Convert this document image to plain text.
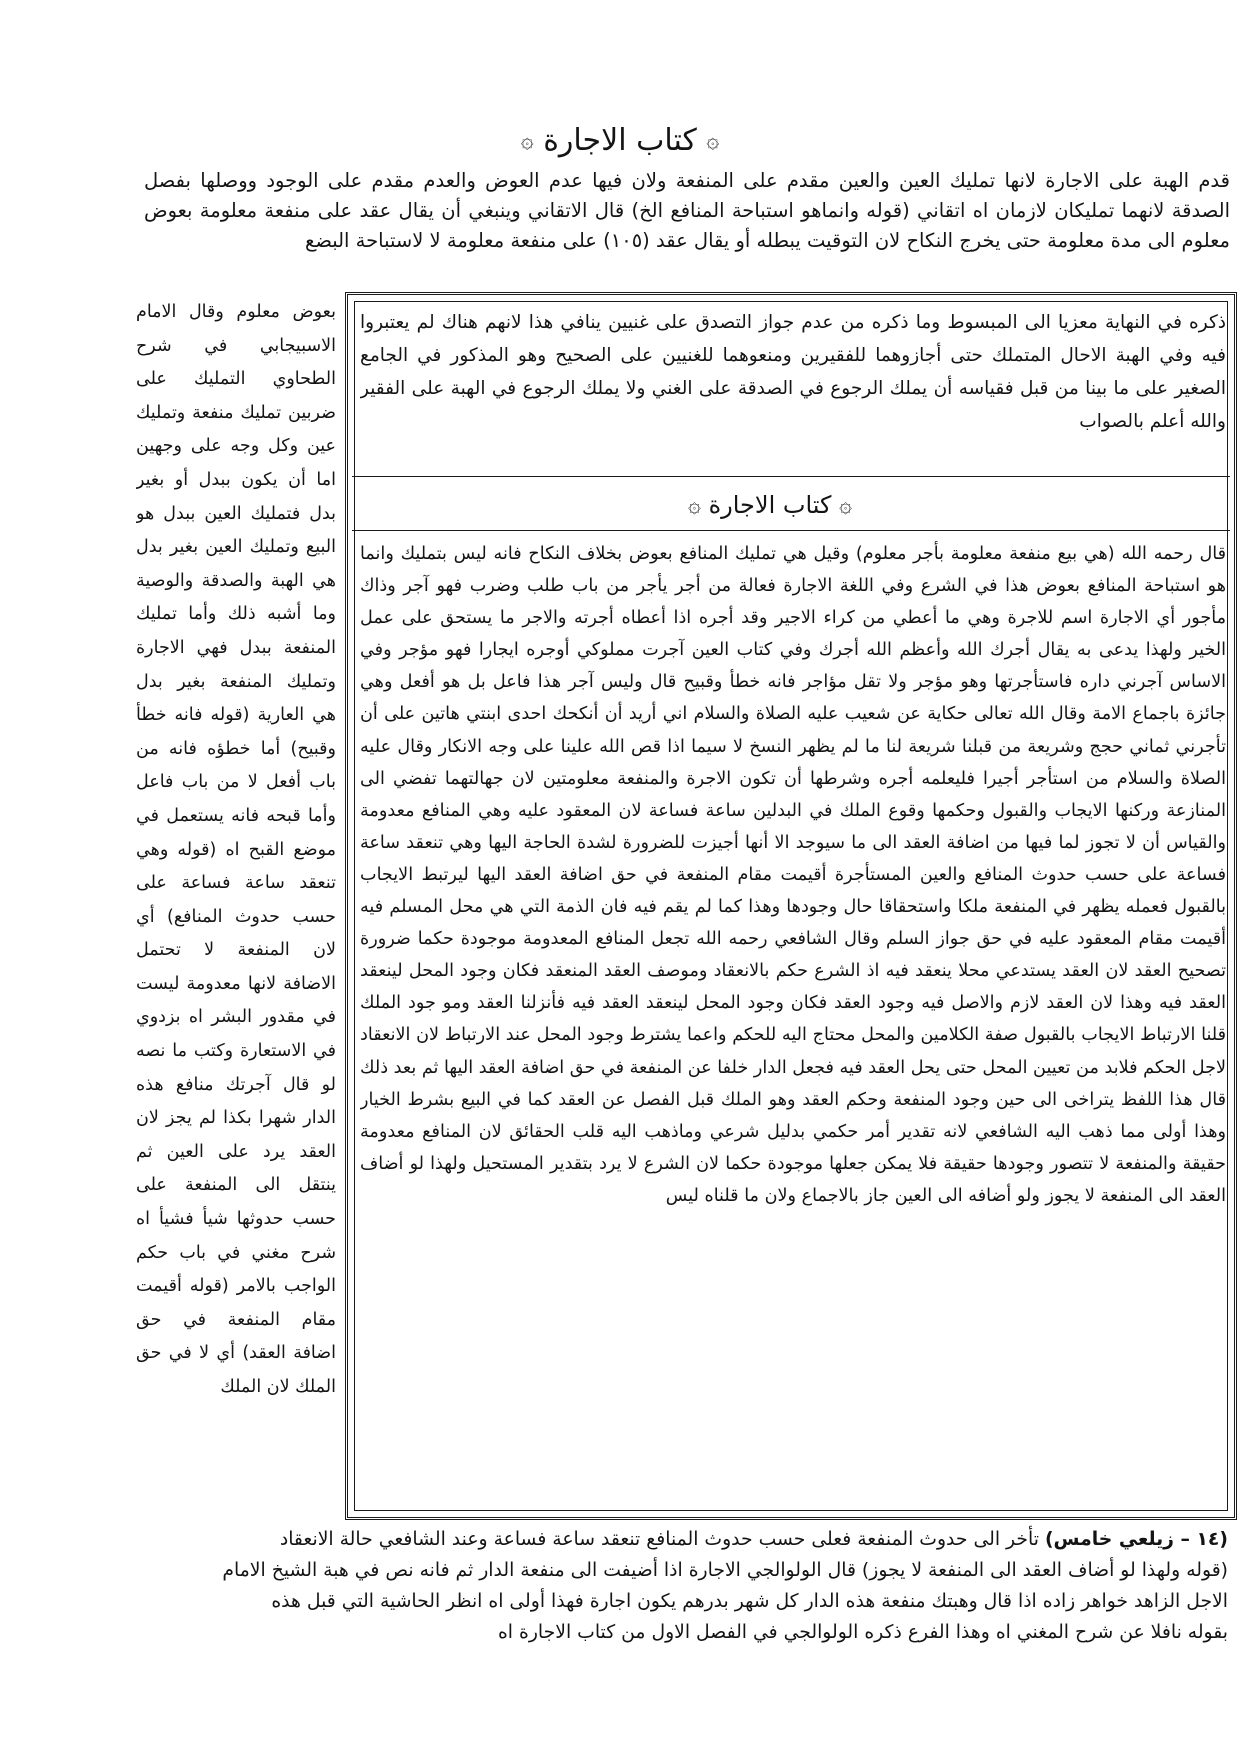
۞ كتاب الاجارة ۞

قدم الهبة على الاجارة لانها تمليك العين والعين مقدم على المنفعة ولان فيها عدم العوض والعدم مقدم على الوجود ووصلها بفصل الصدقة لانهما تمليكان لازمان اه اتقاني (قوله وانماهو استباحة المنافع الخ) قال الاتقاني وينبغي أن يقال عقد على منفعة معلومة بعوض معلوم الى مدة معلومة حتى يخرج النكاح لان التوقيت يبطله أو يقال عقد (١٠٥) على منفعة معلومة لا لاستباحة البضع

بعوض معلوم وقال الامام الاسبيجابي في شرح الطحاوي التمليك على ضربين تمليك منفعة وتمليك عين وكل وجه على وجهين اما أن يكون ببدل أو بغير بدل فتمليك العين ببدل هو البيع وتمليك العين بغير بدل هي الهبة والصدقة والوصية وما أشبه ذلك وأما تمليك المنفعة ببدل فهي الاجارة وتمليك المنفعة بغير بدل هي العارية (قوله فانه خطأ وقبيح) أما خطؤه فانه من باب أفعل لا من باب فاعل وأما قبحه فانه يستعمل في موضع القبح اه (قوله وهي تنعقد ساعة فساعة على حسب حدوث المنافع) أي لان المنفعة لا تحتمل الاضافة لانها معدومة ليست في مقدور البشر اه بزدوي في الاستعارة وكتب ما نصه لو قال آجرتك منافع هذه الدار شهرا بكذا لم يجز لان العقد يرد على العين ثم ينتقل الى المنفعة على حسب حدوثها شيأ فشيأ اه شرح مغني في باب حكم الواجب بالامر (قوله أقيمت مقام المنفعة في حق اضافة العقد) أي لا في حق الملك لان الملك

ذكره في النهاية معزيا الى المبسوط وما ذكره من عدم جواز التصدق على غنيين ينافي هذا لانهم هناك لم يعتبروا فيه وفي الهبة الاحال المتملك حتى أجازوهما للفقيرين ومنعوهما للغنيين على الصحيح وهو المذكور في الجامع الصغير على ما بينا من قبل فقياسه أن يملك الرجوع في الصدقة على الغني ولا يملك الرجوع في الهبة على الفقير والله أعلم بالصواب

۞ كتاب الاجارة ۞

قال رحمه الله (هي بيع منفعة معلومة بأجر معلوم) وقيل هي تمليك المنافع بعوض بخلاف النكاح فانه ليس بتمليك وانما هو استباحة المنافع بعوض هذا في الشرع وفي اللغة الاجارة فعالة من أجر يأجر من باب طلب وضرب فهو آجر وذاك مأجور أي الاجارة اسم للاجرة وهي ما أعطي من كراء الاجير وقد أجره اذا أعطاه أجرته والاجر ما يستحق على عمل الخير ولهذا يدعى به يقال أجرك الله وأعظم الله أجرك وفي كتاب العين آجرت مملوكي أوجره ايجارا فهو مؤجر وفي الاساس آجرني داره فاستأجرتها وهو مؤجر ولا تقل مؤاجر فانه خطأ وقبيح قال وليس آجر هذا فاعل بل هو أفعل وهي جائزة باجماع الامة وقال الله تعالى حكاية عن شعيب عليه الصلاة والسلام اني أريد أن أنكحك احدى ابنتي هاتين على أن تأجرني ثماني حجج وشريعة من قبلنا شريعة لنا ما لم يظهر النسخ لا سيما اذا قص الله علينا على وجه الانكار وقال عليه الصلاة والسلام من استأجر أجيرا فليعلمه أجره وشرطها أن تكون الاجرة والمنفعة معلومتين لان جهالتهما تفضي الى المنازعة وركنها الايجاب والقبول وحكمها وقوع الملك في البدلين ساعة فساعة لان المعقود عليه وهي المنافع معدومة والقياس أن لا تجوز لما فيها من اضافة العقد الى ما سيوجد الا أنها أجيزت للضرورة لشدة الحاجة اليها وهي تنعقد ساعة فساعة على حسب حدوث المنافع والعين المستأجرة أقيمت مقام المنفعة في حق اضافة العقد اليها ليرتبط الايجاب بالقبول فعمله يظهر في المنفعة ملكا واستحقاقا حال وجودها وهذا كما لم يقم فيه فان الذمة التي هي محل المسلم فيه أقيمت مقام المعقود عليه في حق جواز السلم وقال الشافعي رحمه الله تجعل المنافع المعدومة موجودة حكما ضرورة تصحيح العقد لان العقد يستدعي محلا ينعقد فيه اذ الشرع حكم بالانعقاد وموصف العقد المنعقد فكان وجود المحل لينعقد العقد فيه وهذا لان العقد لازم والاصل فيه وجود العقد فكان وجود المحل لينعقد العقد فيه فأنزلنا العقد ومو جود الملك قلنا الارتباط الايجاب بالقبول صفة الكلامين والمحل محتاج اليه للحكم واعما يشترط وجود المحل عند الارتباط لان الانعقاد لاجل الحكم فلابد من تعيين المحل حتى يحل العقد فيه فجعل الدار خلفا عن المنفعة في حق اضافة العقد اليها ثم بعد ذلك قال هذا اللفظ يتراخى الى حين وجود المنفعة وحكم العقد وهو الملك قبل الفصل عن العقد كما في البيع بشرط الخيار وهذا أولى مما ذهب اليه الشافعي لانه تقدير أمر حكمي بدليل شرعي وماذهب اليه قلب الحقائق لان المنافع معدومة حقيقة والمنفعة لا تتصور وجودها حقيقة فلا يمكن جعلها موجودة حكما لان الشرع لا يرد بتقدير المستحيل ولهذا لو أضاف العقد الى المنفعة لا يجوز ولو أضافه الى العين جاز بالاجماع ولان ما قلناه ليس

(١٤ – زيلعي خامس) تأخر الى حدوث المنفعة فعلى حسب حدوث المنافع تنعقد ساعة فساعة وعند الشافعي حالة الانعقاد
(قوله ولهذا لو أضاف العقد الى المنفعة لا يجوز) قال الولوالجي الاجارة اذا أضيفت الى منفعة الدار ثم فانه نص في هبة الشيخ الامام
الاجل الزاهد خواهر زاده اذا قال وهبتك منفعة هذه الدار كل شهر بدرهم يكون اجارة فهذا أولى اه انظر الحاشية التي قبل هذه
بقوله نافلا عن شرح المغني اه وهذا الفرع ذكره الولوالجي في الفصل الاول من كتاب الاجارة اه
